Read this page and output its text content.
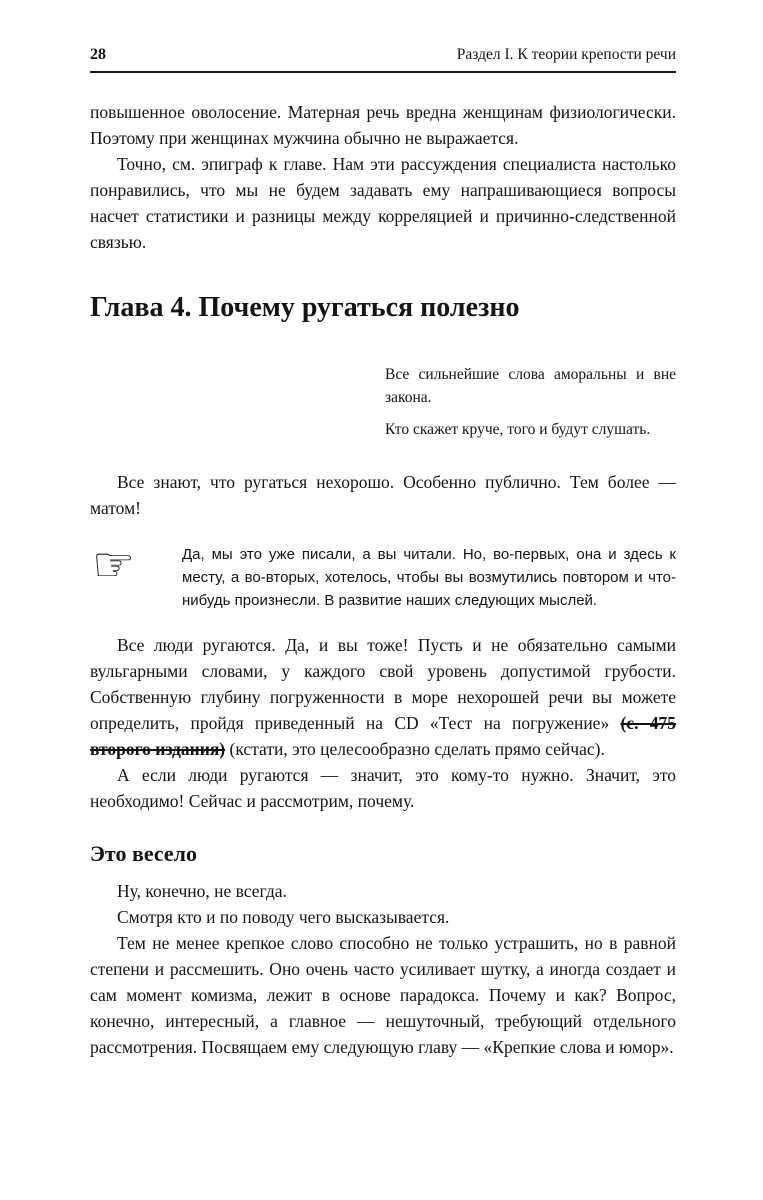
28	Раздел I. К теории крепости речи

повышенное оволосение. Матерная речь вредна женщинам физиологически. Поэтому при женщинах мужчина обычно не выражается.

Точно, см. эпиграф к главе. Нам эти рассуждения специалиста настолько понравились, что мы не будем задавать ему напрашивающиеся вопросы насчет статистики и разницы между корреляцией и причинно-следственной связью.

Глава 4. Почему ругаться полезно

Все сильнейшие слова аморальны и вне закона.

Кто скажет круче, того и будут слушать.

Все знают, что ругаться нехорошо. Особенно публично. Тем более — матом!

☞	Да, мы это уже писали, а вы читали. Но, во-первых, она и здесь к месту, а во-вторых, хотелось, чтобы вы возмутились повтором и что-нибудь произнесли. В развитие наших следующих мыслей.

Все люди ругаются. Да, и вы тоже! Пусть и не обязательно самыми вульгарными словами, у каждого свой уровень допустимой грубости. Собственную глубину погруженности в море нехорошей речи вы можете определить, пройдя приведенный на CD «Тест на погружение» (с. 475 второго издания) (кстати, это целесообразно сделать прямо сейчас).

А если люди ругаются — значит, это кому-то нужно. Значит, это необходимо! Сейчас и рассмотрим, почему.

Это весело

Ну, конечно, не всегда.

Смотря кто и по поводу чего высказывается.

Тем не менее крепкое слово способно не только устрашить, но в равной степени и рассмешить. Оно очень часто усиливает шутку, а иногда создает и сам момент комизма, лежит в основе парадокса. Почему и как? Вопрос, конечно, интересный, а главное — нешуточный, требующий отдельного рассмотрения. Посвящаем ему следующую главу — «Крепкие слова и юмор».
